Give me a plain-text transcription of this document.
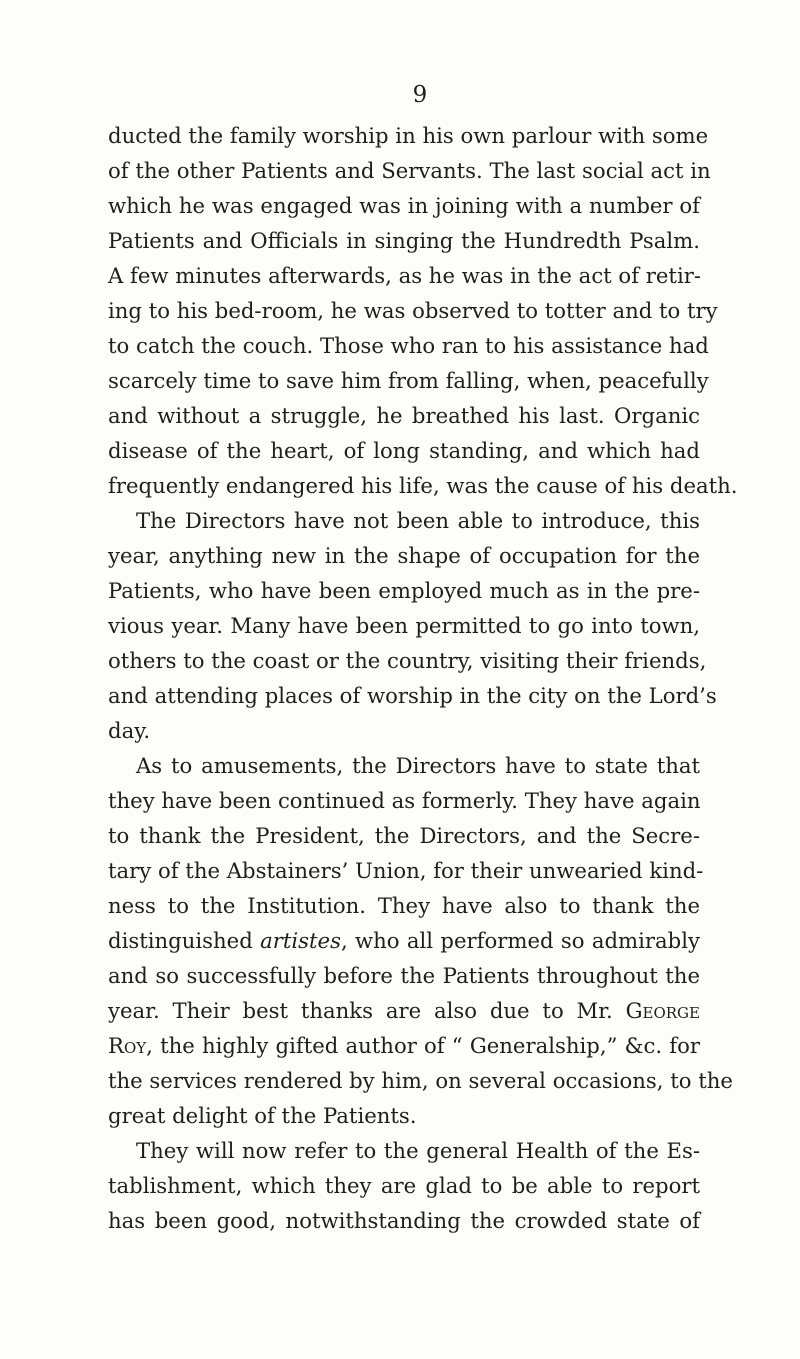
9
ducted the family worship in his own parlour with some
of the other Patients and Servants. The last social act in
which he was engaged was in joining with a number of
Patients and Officials in singing the Hundredth Psalm.
A few minutes afterwards, as he was in the act of retir-
ing to his bed-room, he was observed to totter and to try
to catch the couch. Those who ran to his assistance had
scarcely time to save him from falling, when, peacefully
and without a struggle, he breathed his last. Organic
disease of the heart, of long standing, and which had
frequently endangered his life, was the cause of his death.
The Directors have not been able to introduce, this
year, anything new in the shape of occupation for the
Patients, who have been employed much as in the pre-
vious year. Many have been permitted to go into town,
others to the coast or the country, visiting their friends,
and attending places of worship in the city on the Lord’s
day.
As to amusements, the Directors have to state that
they have been continued as formerly. They have again
to thank the President, the Directors, and the Secre-
tary of the Abstainers’ Union, for their unwearied kind-
ness to the Institution. They have also to thank the
distinguished artistes, who all performed so admirably
and so successfully before the Patients throughout the
year. Their best thanks are also due to Mr. George
Roy, the highly gifted author of “ Generalship,” &c. for
the services rendered by him, on several occasions, to the
great delight of the Patients.
They will now refer to the general Health of the Es-
tablishment, which they are glad to be able to report
has been good, notwithstanding the crowded state of
